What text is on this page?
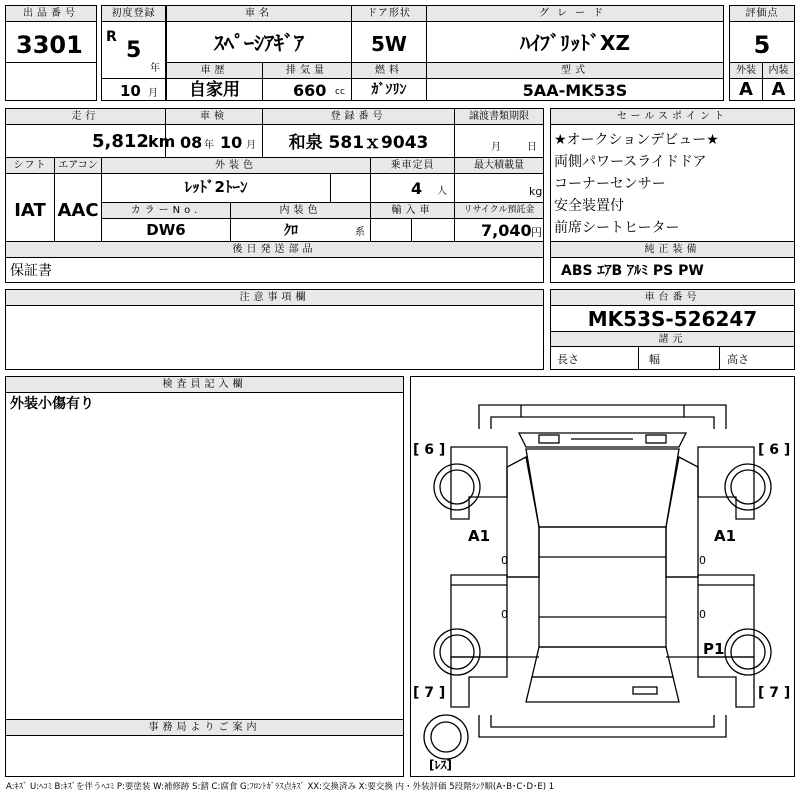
出品番号
3301
初度登録
R
5
年
10 月
車名
ｽﾍﾟｰｼｱｷﾞｱ
ドア形状
5W
グレード
ﾊｲﾌﾞﾘｯﾄﾞXZ
評価点
5
車歴
自家用
排気量
660 cc
燃料
ｶﾞｿﾘﾝ
型式
5AA-MK53S
外装
A
内装
A
走行
5,812 km
車検
08 年 10 月
登録番号
和泉 581ｘ9043
譲渡書類期限
月	日
セールスポイント
★オークションデビュー★
両側パワースライドドア
コーナーセンサー
安全装置付
前席シートヒーター
シフト
IAT
エアコン
AAC
外装色
ﾚｯﾄﾞ2ﾄｰﾝ
乗車定員
4 人
最大積載量
kg
カラーNo.
DW6
内装色
ｸﾛ	系
輸入車	リサイクル預託金
7,040 円
後日発送部品
保証書
純正装備
ABS ｴｱB ｱﾙﾐ PS PW
注意事項欄	車台番号
MK53S-526247
諸元
長さ	幅	高さ
検査員記入欄
外装小傷有り
事務局よりご案内
[ 6 ]	[ 6 ]
[ 7 ]	[ 7 ]
A1	A1
P1
[ﾚｽ]
0	0
0	0
A:ｷｽﾞ U:ﾍｺﾐ B:ｷｽﾞを伴うﾍｺﾐ P:要塗装 W:補修跡 S:錆 C:腐食 G:ﾌﾛﾝﾄｶﾞﾗｽ点ｷｽﾞ XX:交換済み X:要交換 内・外装評価 5段階ﾗﾝｸ順(A･B･C･D･E) 1
